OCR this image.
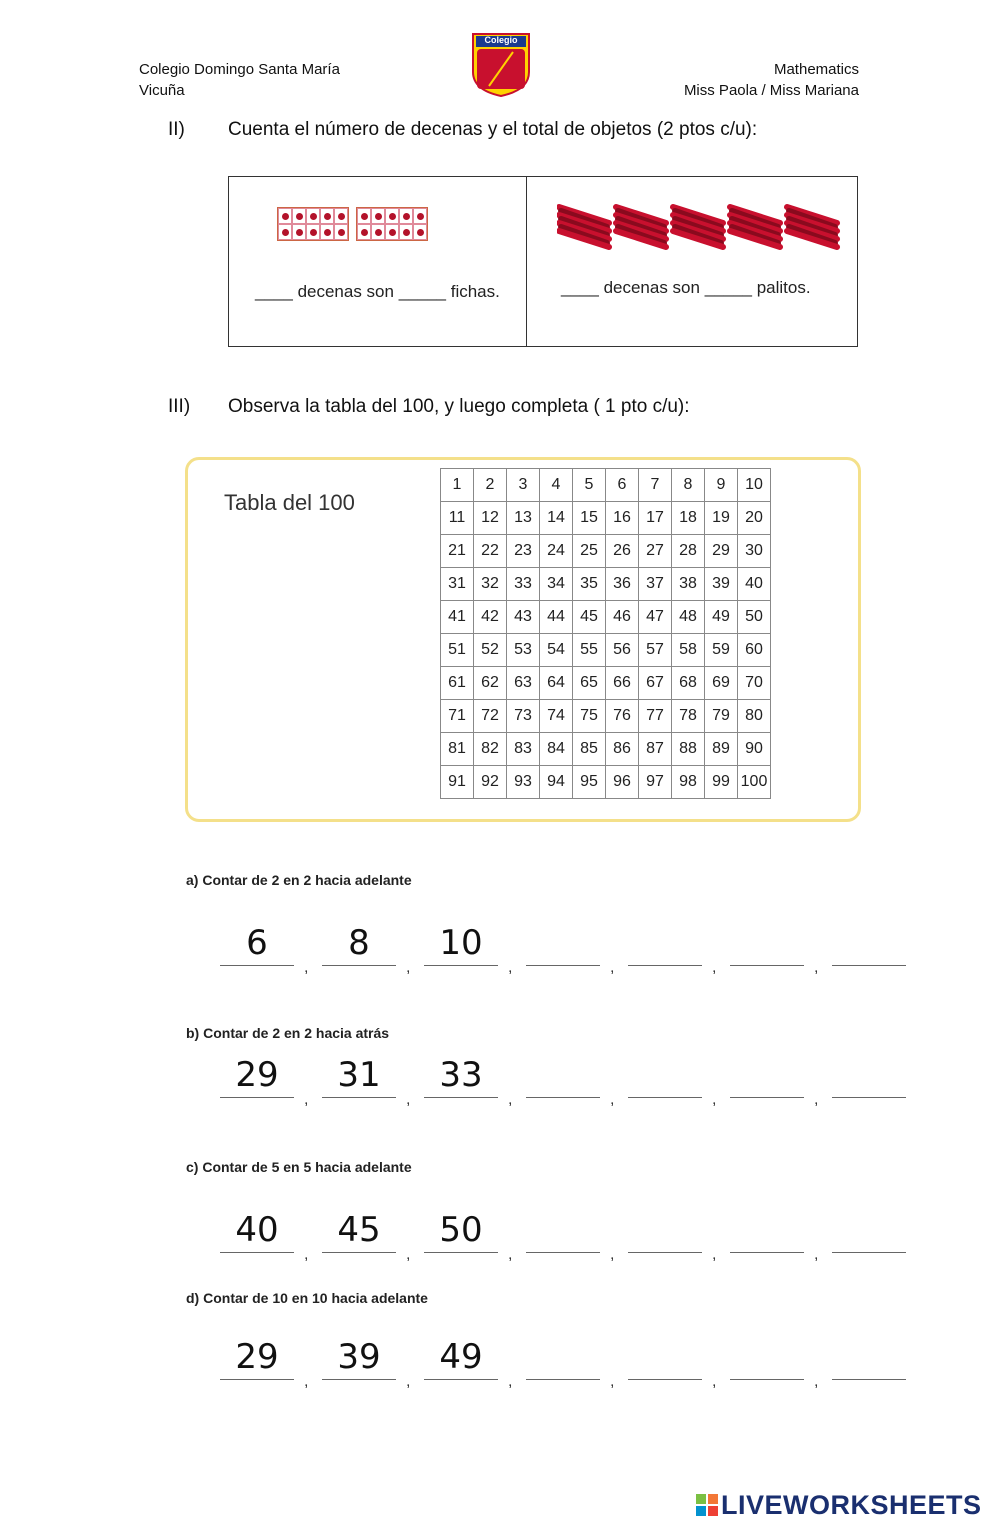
Colegio Domingo Santa María
Vicuña
Mathematics
Miss Paola / Miss Mariana
Colegio
II)	Cuenta el número de decenas y el total de objetos (2 ptos c/u):

____ decenas son _____ fichas.	____ decenas son _____ palitos.
III)	Observa la tabla del 100, y luego completa ( 1 pto c/u):
Tabla del 100
1	2	3	4	5	6	7	8	9	10
11	12	13	14	15	16	17	18	19	20
21	22	23	24	25	26	27	28	29	30
31	32	33	34	35	36	37	38	39	40
41	42	43	44	45	46	47	48	49	50
51	52	53	54	55	56	57	58	59	60
61	62	63	64	65	66	67	68	69	70
71	72	73	74	75	76	77	78	79	80
81	82	83	84	85	86	87	88	89	90
91	92	93	94	95	96	97	98	99	100
a) Contar de 2 en 2 hacia adelante
6
,
8
,
10
,	,	,	,
b) Contar de 2 en 2 hacia atrás
29
,
31
,
33
,	,	,	,
c) Contar de 5 en 5 hacia adelante
40
,
45
,
50
,	,	,	,
d) Contar de 10 en 10 hacia adelante
29
,
39
,
49
,	,	,	,
LIVEWORKSHEETS
